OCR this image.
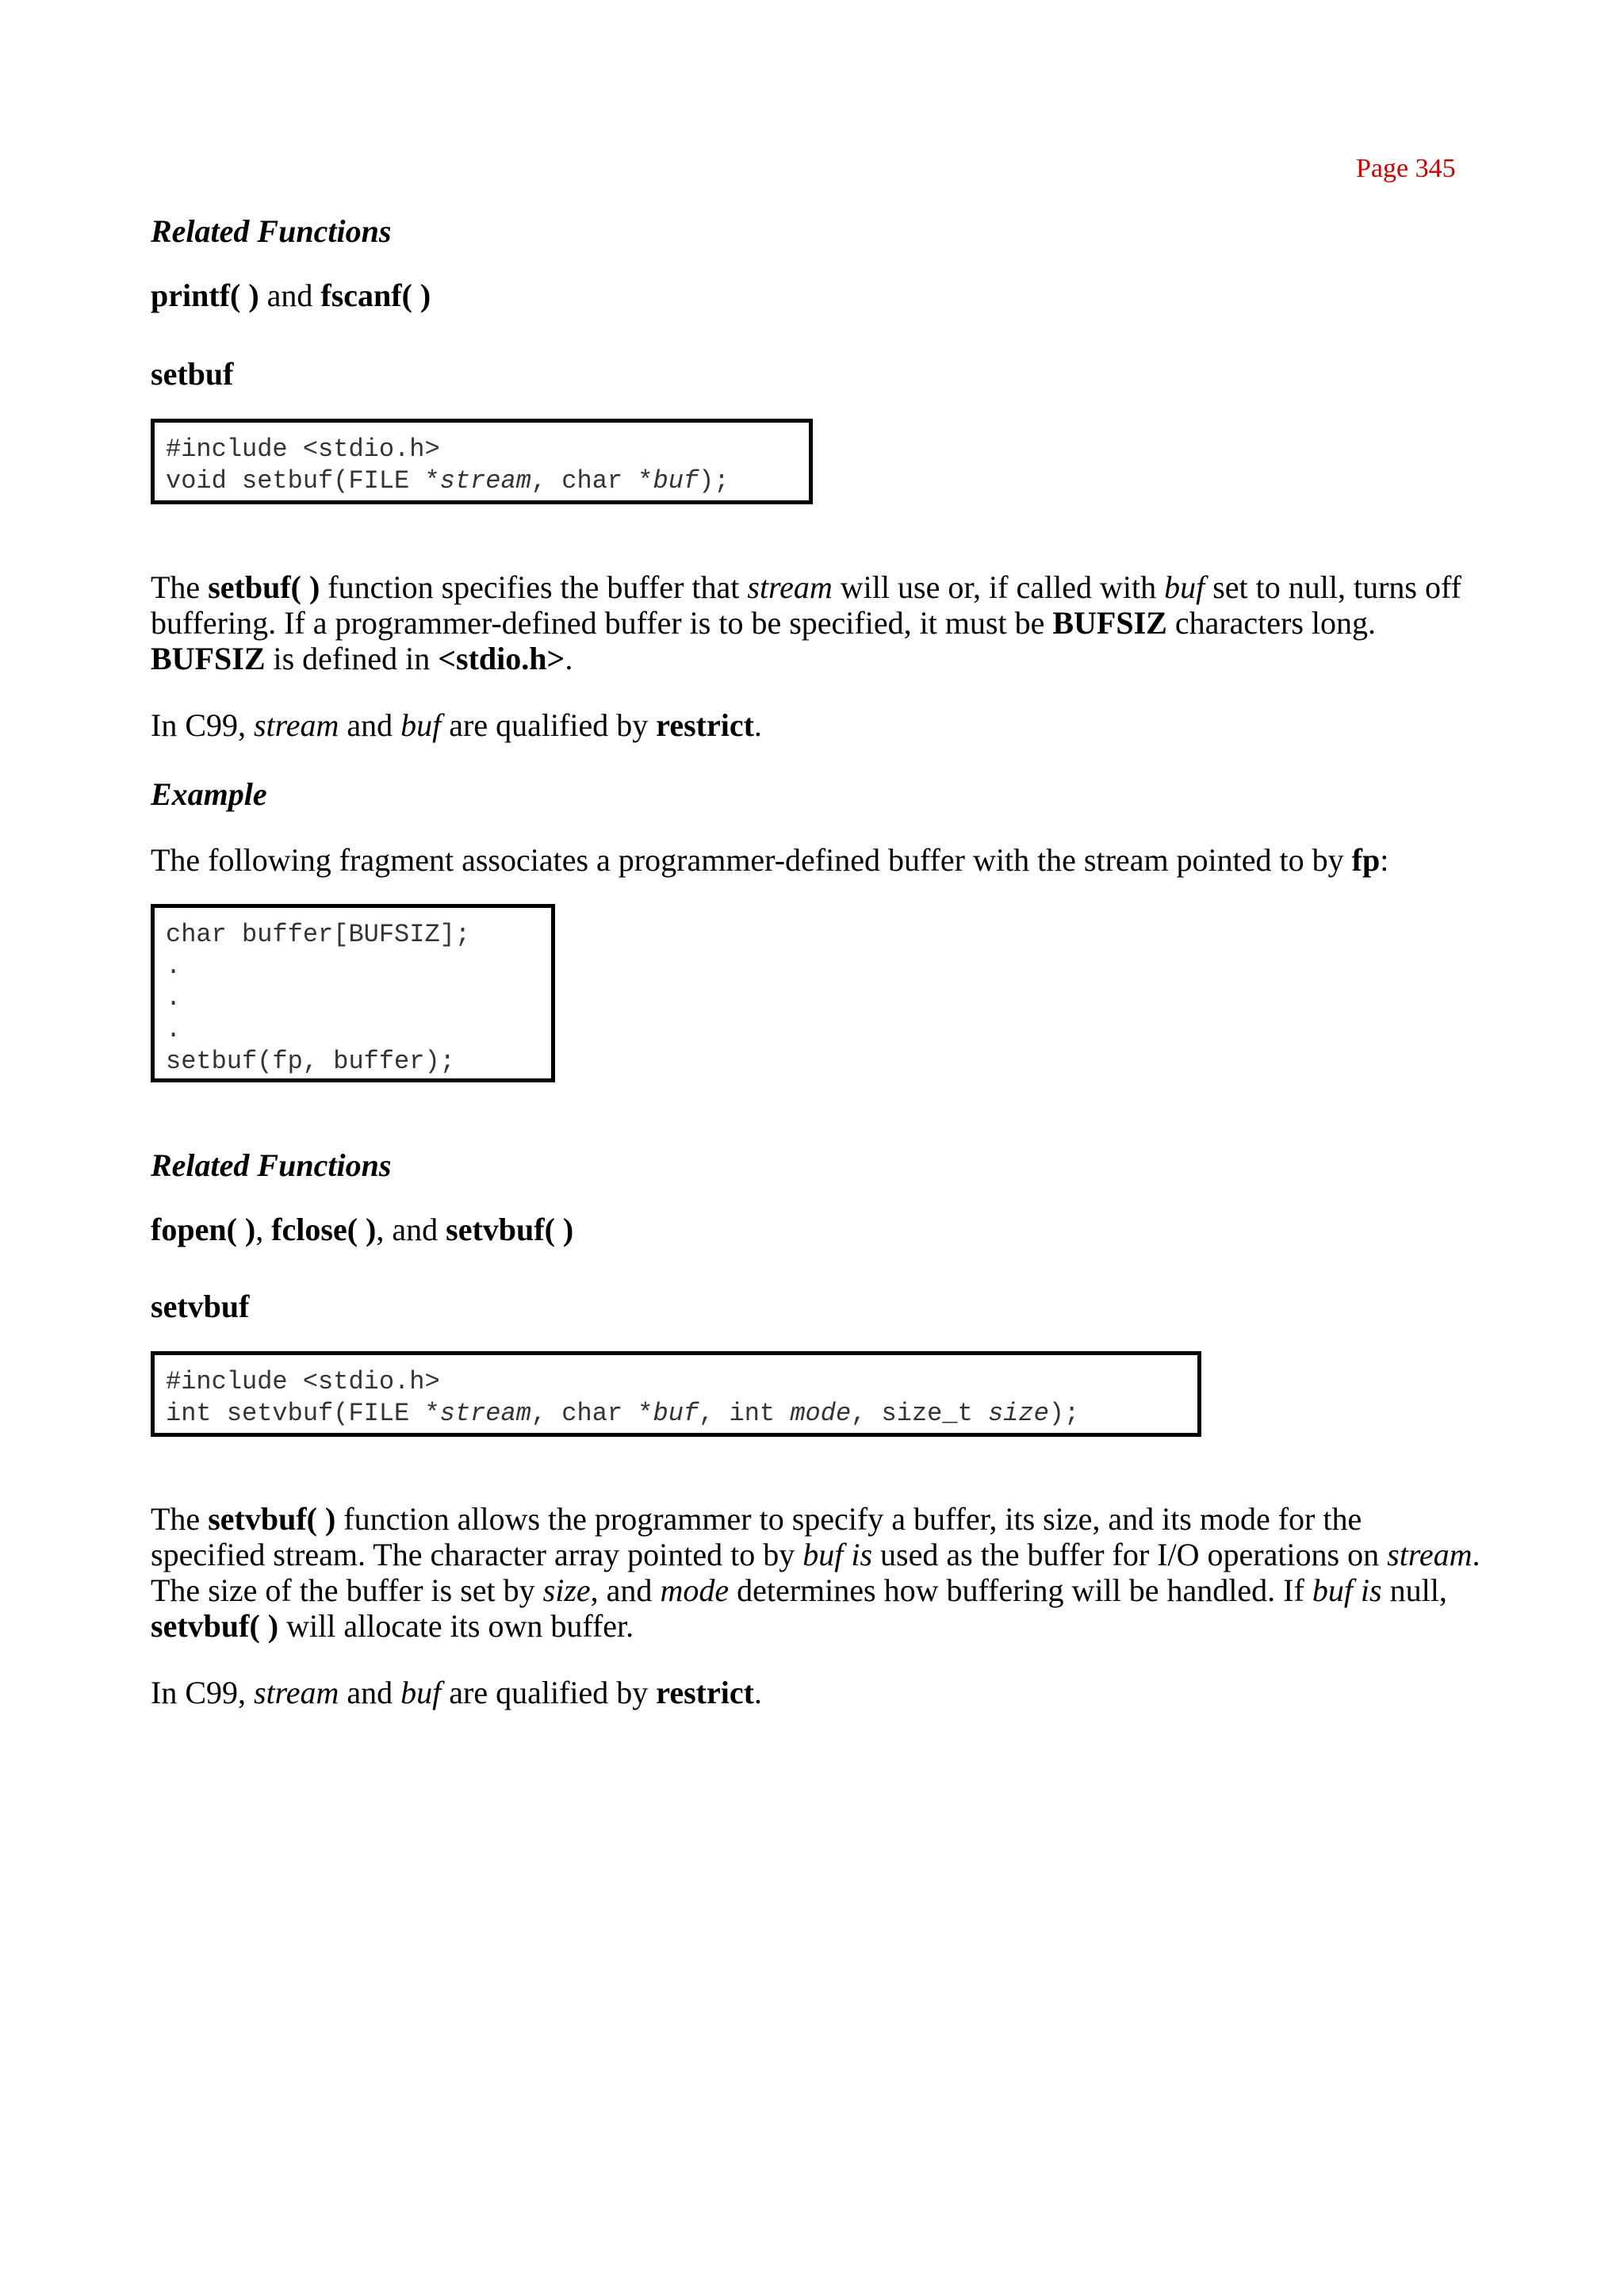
Page 345
Related Functions
printf( ) and fscanf( )
setbuf
#include <stdio.h>
void setbuf(FILE *stream, char *buf);
The setbuf( ) function specifies the buffer that stream will use or, if called with buf set to null, turns off buffering. If a programmer-defined buffer is to be specified, it must be BUFSIZ characters long. BUFSIZ is defined in <stdio.h>.
In C99, stream and buf are qualified by restrict.
Example
The following fragment associates a programmer-defined buffer with the stream pointed to by fp:
char buffer[BUFSIZ];
.
.
.
setbuf(fp, buffer);
Related Functions
fopen( ), fclose( ), and setvbuf( )
setvbuf
#include <stdio.h>
int setvbuf(FILE *stream, char *buf, int mode, size_t size);
The setvbuf( ) function allows the programmer to specify a buffer, its size, and its mode for the specified stream. The character array pointed to by buf is used as the buffer for I/O operations on stream. The size of the buffer is set by size, and mode determines how buffering will be handled. If buf is null, setvbuf( ) will allocate its own buffer.
In C99, stream and buf are qualified by restrict.
